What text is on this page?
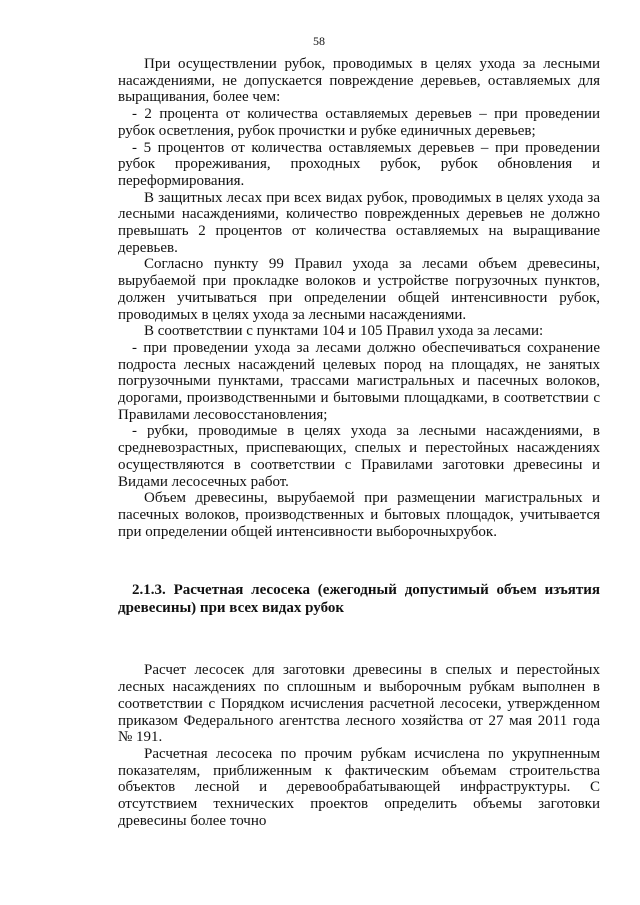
58

При осуществлении рубок, проводимых в целях ухода за лесными насаждениями, не допускается повреждение деревьев, оставляемых для выращивания, более чем:

- 2 процента от количества оставляемых деревьев – при проведении рубок осветления, рубок прочистки и рубке единичных деревьев;

- 5 процентов от количества оставляемых деревьев – при проведении рубок прореживания, проходных рубок, рубок обновления и переформирования.

В защитных лесах при всех видах рубок, проводимых в целях ухода за лесными насаждениями, количество поврежденных деревьев не должно превышать 2 процентов от количества оставляемых на выращивание деревьев.

Согласно пункту 99 Правил ухода за лесами объем древесины, вырубаемой при прокладке волоков и устройстве погрузочных пунктов, должен учитываться при определении общей интенсивности рубок, проводимых в целях ухода за лесными насаждениями.

В соответствии с пунктами 104 и 105 Правил ухода за лесами:

- при проведении ухода за лесами должно обеспечиваться сохранение подроста лесных насаждений целевых пород на площадях, не занятых погрузочными пунктами, трассами магистральных и пасечных волоков, дорогами, производственными и бытовыми площадками, в соответствии с Правилами лесовосстановления;

- рубки, проводимые в целях ухода за лесными насаждениями, в средневозрастных, приспевающих, спелых и перестойных насаждениях осуществляются в соответствии с Правилами заготовки древесины и Видами лесосечных работ.

Объем древесины, вырубаемой при размещении магистральных и пасечных волоков, производственных и бытовых площадок, учитывается при определении общей интенсивности выборочныхрубок.

2.1.3. Расчетная лесосека (ежегодный допустимый объем изъятия древесины) при всех видах рубок

Расчет лесосек для заготовки древесины в спелых и перестойных лесных насаждениях по сплошным и выборочным рубкам выполнен в соответствии с Порядком исчисления расчетной лесосеки, утвержденном приказом Федерального агентства лесного хозяйства от 27 мая 2011 года № 191.

Расчетная лесосека по прочим рубкам исчислена по укрупненным показателям, приближенным к фактическим объемам строительства объектов лесной и деревообрабатывающей инфраструктуры. С отсутствием технических проектов определить объемы заготовки древесины более точно
